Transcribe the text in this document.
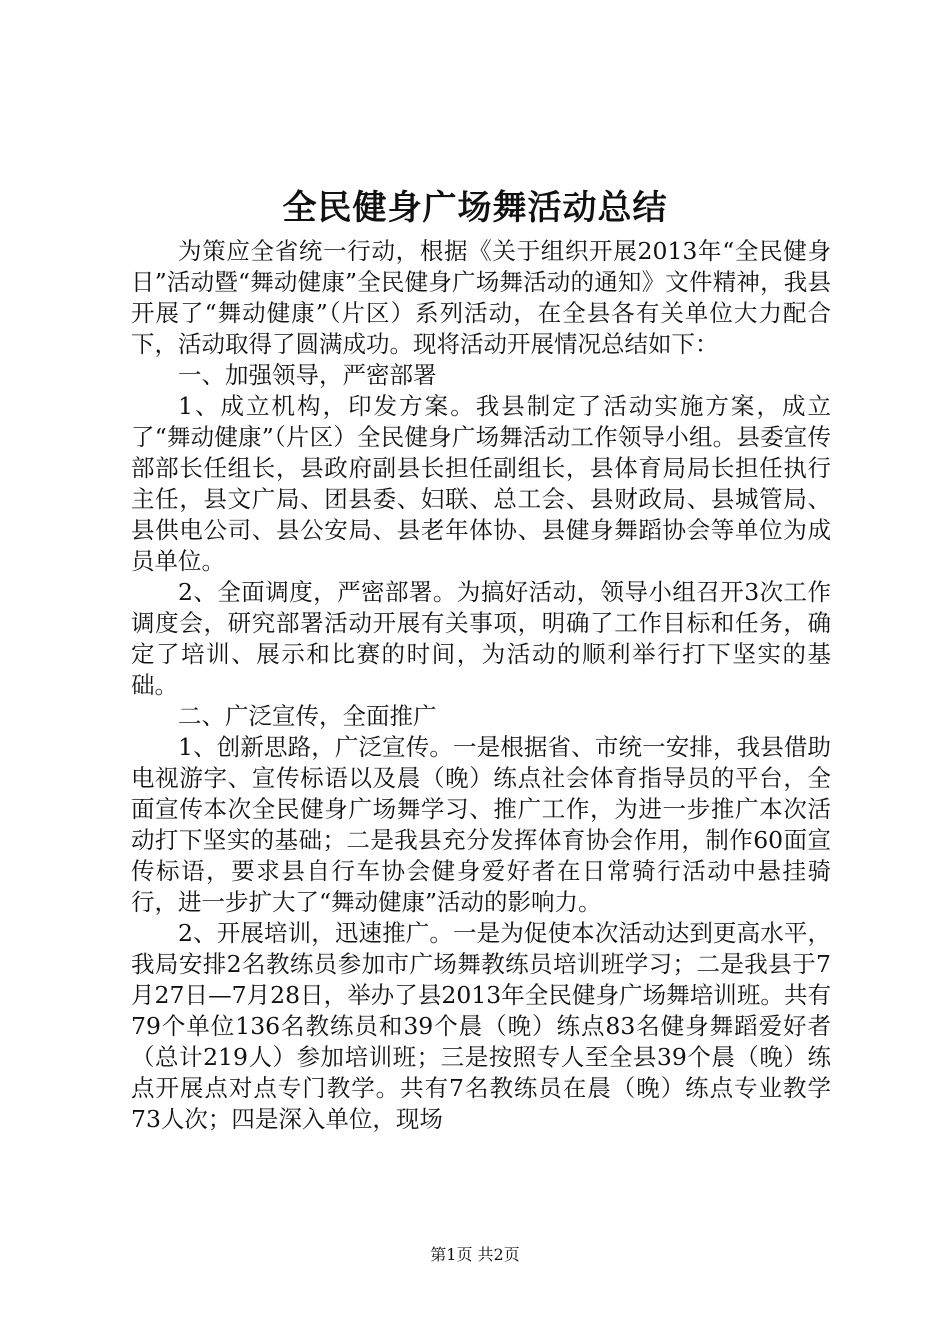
全民健身广场舞活动总结

为策应全省统一行动，根据《关于组织开展2013年“全民健身日”活动暨“舞动健康”全民健身广场舞活动的通知》文件精神，我县开展了“舞动健康”（片区）系列活动，在全县各有关单位大力配合下，活动取得了圆满成功。现将活动开展情况总结如下：

一、加强领导，严密部署

1、成立机构，印发方案。我县制定了活动实施方案，成立了“舞动健康”（片区）全民健身广场舞活动工作领导小组。县委宣传部部长任组长，县政府副县长担任副组长，县体育局局长担任执行主任，县文广局、团县委、妇联、总工会、县财政局、县城管局、县供电公司、县公安局、县老年体协、县健身舞蹈协会等单位为成员单位。

2、全面调度，严密部署。为搞好活动，领导小组召开3次工作调度会，研究部署活动开展有关事项，明确了工作目标和任务，确定了培训、展示和比赛的时间，为活动的顺利举行打下坚实的基础。

二、广泛宣传，全面推广

1、创新思路，广泛宣传。一是根据省、市统一安排，我县借助电视游字、宣传标语以及晨（晚）练点社会体育指导员的平台，全面宣传本次全民健身广场舞学习、推广工作，为进一步推广本次活动打下坚实的基础；二是我县充分发挥体育协会作用，制作60面宣传标语，要求县自行车协会健身爱好者在日常骑行活动中悬挂骑行，进一步扩大了“舞动健康”活动的影响力。

2、开展培训，迅速推广。一是为促使本次活动达到更高水平，我局安排2名教练员参加市广场舞教练员培训班学习；二是我县于7月27日—7月28日，举办了县2013年全民健身广场舞培训班。共有79个单位136名教练员和39个晨（晚）练点83名健身舞蹈爱好者（总计219人）参加培训班；三是按照专人至全县39个晨（晚）练点开展点对点专门教学。共有7名教练员在晨（晚）练点专业教学73人次；四是深入单位，现场

第1页 共2页
